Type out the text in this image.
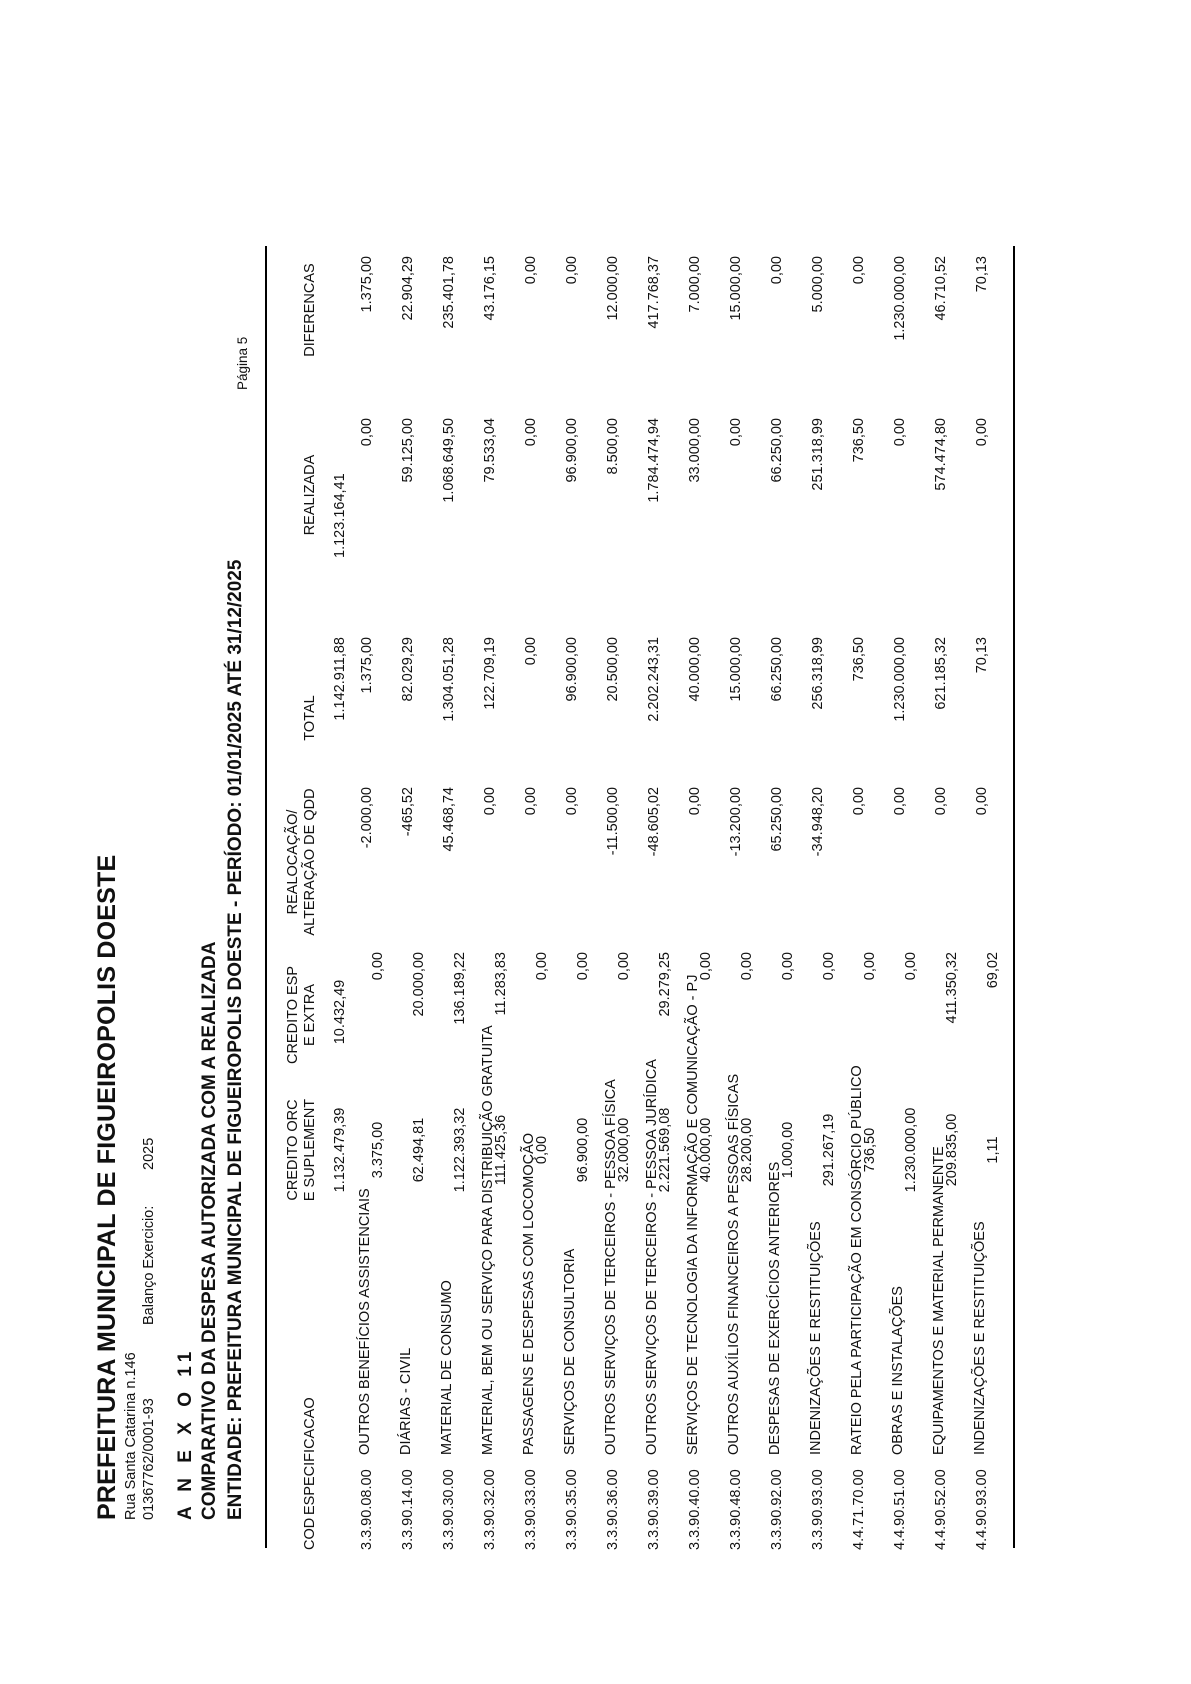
PREFEITURA MUNICIPAL DE FIGUEIROPOLIS DOESTE Rua Santa Catarina n.146 01367762/0001-93
Balanço Exercicio:
2025
A N E X O 11 COMPARATIVO DA DESPESA AUTORIZADA COM A REALIZADA ENTIDADE: PREFEITURA MUNICIPAL DE FIGUEIROPOLIS DOESTE - PERÍODO: 01/01/2025 ATÉ 31/12/2025
Página 5
COD
ESPECIFICACAO
CREDITO ORC E SUPLEMENT
CREDITO ESP E EXTRA
REALOCAÇÃO/ ALTERAÇÃO DE QDD
TOTAL
REALIZADA
DIFERENCAS
1.132.479,39
10.432,49
1.142.911,88
1.123.164,41
3.3.90.08.00
OUTROS BENEFÍCIOS ASSISTENCIAIS
3.375,00
0,00
-2.000,00
1.375,00
0,00
1.375,00
3.3.90.14.00
DIÁRIAS - CIVIL
62.494,81
20.000,00
-465,52
82.029,29
59.125,00
22.904,29
3.3.90.30.00
MATERIAL DE CONSUMO
1.122.393,32
136.189,22
45.468,74
1.304.051,28
1.068.649,50
235.401,78
3.3.90.32.00
MATERIAL, BEM OU SERVIÇO PARA DISTRIBUIÇÃO GRATUITA
111.425,36
11.283,83
0,00
122.709,19
79.533,04
43.176,15
3.3.90.33.00
PASSAGENS E DESPESAS COM LOCOMOÇÃO
0,00
0,00
0,00
0,00
0,00
0,00
3.3.90.35.00
SERVIÇOS DE CONSULTORIA
96.900,00
0,00
0,00
96.900,00
96.900,00
0,00
3.3.90.36.00
OUTROS SERVIÇOS DE TERCEIROS - PESSOA FÍSICA
32.000,00
0,00
-11.500,00
20.500,00
8.500,00
12.000,00
3.3.90.39.00
OUTROS SERVIÇOS DE TERCEIROS - PESSOA JURÍDICA
2.221.569,08
29.279,25
-48.605,02
2.202.243,31
1.784.474,94
417.768,37
3.3.90.40.00
SERVIÇOS DE TECNOLOGIA DA INFORMAÇÃO E COMUNICAÇÃO - PJ
40.000,00
0,00
0,00
40.000,00
33.000,00
7.000,00
3.3.90.48.00
OUTROS AUXÍLIOS FINANCEIROS A PESSOAS FÍSICAS
28.200,00
0,00
-13.200,00
15.000,00
0,00
15.000,00
3.3.90.92.00
DESPESAS DE EXERCÍCIOS ANTERIORES
1.000,00
0,00
65.250,00
66.250,00
66.250,00
0,00
3.3.90.93.00
INDENIZAÇÕES E RESTITUIÇÕES
291.267,19
0,00
-34.948,20
256.318,99
251.318,99
5.000,00
4.4.71.70.00
RATEIO PELA PARTICIPAÇÃO EM CONSÓRCIO PÚBLICO
736,50
0,00
0,00
736,50
736,50
0,00
4.4.90.51.00
OBRAS E INSTALAÇÕES
1.230.000,00
0,00
0,00
1.230.000,00
0,00
1.230.000,00
4.4.90.52.00
EQUIPAMENTOS E MATERIAL PERMANENTE
209.835,00
411.350,32
0,00
621.185,32
574.474,80
46.710,52
4.4.90.93.00
INDENIZAÇÕES E RESTITUIÇÕES
1,11
69,02
0,00
70,13
0,00
70,13
